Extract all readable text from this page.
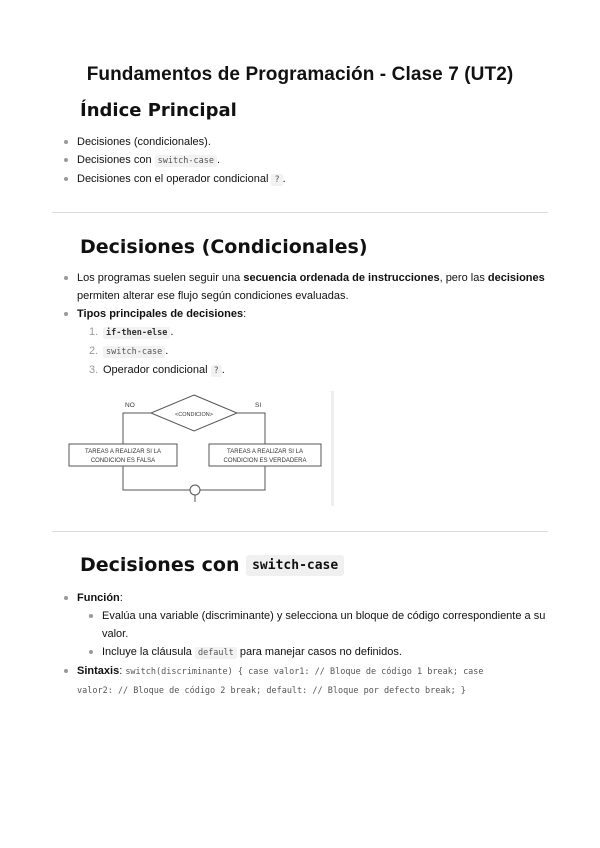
Fundamentos de Programación - Clase 7 (UT2)
Índice Principal
Decisiones (condicionales).
Decisiones con switch-case .
Decisiones con el operador condicional ? .
Decisiones (Condicionales)
Los programas suelen seguir una secuencia ordenada de instrucciones, pero las decisiones permiten alterar ese flujo según condiciones evaluadas.
Tipos principales de decisiones:
1. if-then-else .
2. switch-case .
3. Operador condicional ? .
<CONDICION>
NO	SI
TAREAS A REALIZAR SI LA
CONDICION ES FALSA
TAREAS A REALIZAR SI LA
CONDICION ES VERDADERA
Decisiones con switch-case
Función:
Evalúa una variable (discriminante) y selecciona un bloque de código correspondiente a su valor.
Incluye la cláusula default para manejar casos no definidos.
Sintaxis: switch(discriminante) { case valor1: // Bloque de código 1 break; case
valor2: // Bloque de código 2 break; default: // Bloque por defecto break; }
